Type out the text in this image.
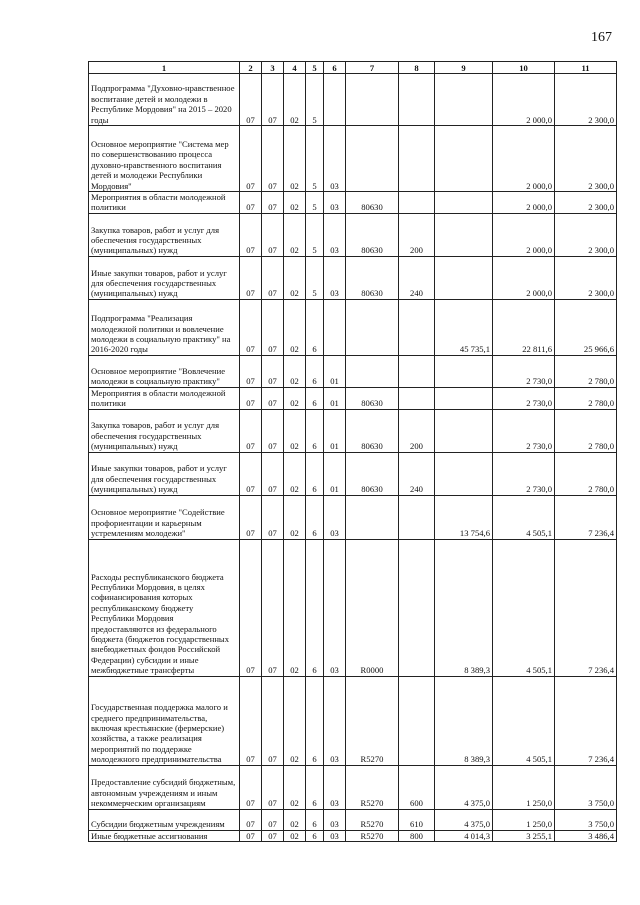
167
1	2	3	4	5	6	7	8	9	10	11
Подпрограмма "Духовно-нравственное воспитание детей и молодежи в Республике Мордовия" на 2015 – 2020 годы	07	07	02	5					2 000,0	2 300,0
Основное мероприятие "Система мер по совершенствованию процесса духовно-нравственного воспитания детей и молодежи Республики Мордовия"	07	07	02	5	03				2 000,0	2 300,0
Мероприятия в области молодежной политики	07	07	02	5	03	80630			2 000,0	2 300,0
Закупка товаров, работ и услуг для обеспечения государственных (муниципальных) нужд	07	07	02	5	03	80630	200		2 000,0	2 300,0
Иные закупки товаров, работ и услуг для обеспечения государственных (муниципальных) нужд	07	07	02	5	03	80630	240		2 000,0	2 300,0
Подпрограмма "Реализация молодежной политики и вовлечение молодежи в социальную практику" на 2016-2020 годы	07	07	02	6				45 735,1	22 811,6	25 966,6
Основное мероприятие "Вовлечение молодежи в социальную практику"	07	07	02	6	01				2 730,0	2 780,0
Мероприятия в области молодежной политики	07	07	02	6	01	80630			2 730,0	2 780,0
Закупка товаров, работ и услуг для обеспечения государственных (муниципальных) нужд	07	07	02	6	01	80630	200		2 730,0	2 780,0
Иные закупки товаров, работ и услуг для обеспечения государственных (муниципальных) нужд	07	07	02	6	01	80630	240		2 730,0	2 780,0
Основное мероприятие "Содействие профориентации и карьерным устремлениям молодежи"	07	07	02	6	03			13 754,6	4 505,1	7 236,4
Расходы республиканского бюджета Республики Мордовия, в целях софинансирования которых республиканскому бюджету Республики Мордовия предоставляются из федерального бюджета (бюджетов государственных внебюджетных фондов Российской Федерации) субсидии и иные межбюджетные трансферты	07	07	02	6	03	R0000		8 389,3	4 505,1	7 236,4
Государственная поддержка малого и среднего предпринимательства, включая крестьянские (фермерские) хозяйства, а также реализация мероприятий по поддержке молодежного предпринимательства	07	07	02	6	03	R5270		8 389,3	4 505,1	7 236,4
Предоставление субсидий бюджетным, автономным учреждениям и иным некоммерческим организациям	07	07	02	6	03	R5270	600	4 375,0	1 250,0	3 750,0
Субсидии бюджетным учреждениям	07	07	02	6	03	R5270	610	4 375,0	1 250,0	3 750,0
Иные бюджетные ассигнования	07	07	02	6	03	R5270	800	4 014,3	3 255,1	3 486,4
